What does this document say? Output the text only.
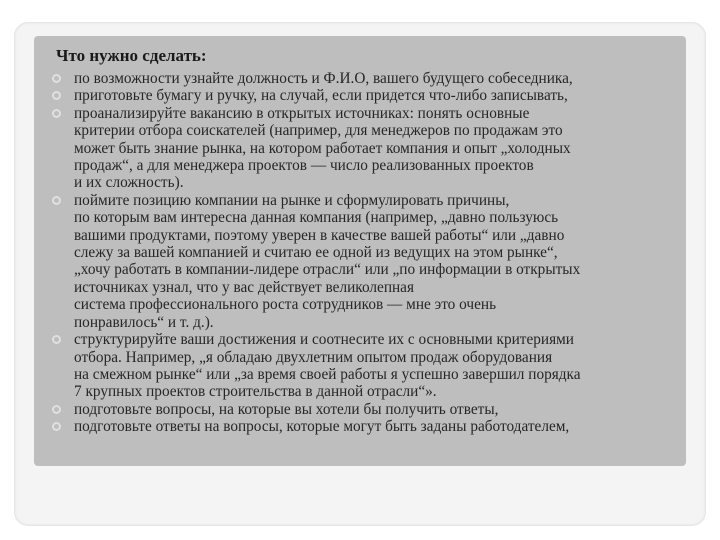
Что нужно сделать:
по возможности узнайте должность и Ф.И.О, вашего будущего собеседника,
приготовьте бумагу и ручку, на случай, если придется что-либо записывать,
проанализируйте вакансию в открытых источниках: понять основные
критерии отбора соискателей (например, для менеджеров по продажам это
может быть знание рынка, на котором работает компания и опыт „холодных
продаж“, а для менеджера проектов — число реализованных проектов
и их сложность).
поймите позицию компании на рынке и сформулировать причины,
по которым вам интересна данная компания (например, „давно пользуюсь
вашими продуктами, поэтому уверен в качестве вашей работы“ или „давно
слежу за вашей компанией и считаю ее одной из ведущих на этом рынке“,
„хочу работать в компании-лидере отрасли“ или „по информации в открытых
источниках узнал, что у вас действует великолепная
система профессионального роста сотрудников — мне это очень
понравилось“ и т. д.).
структурируйте ваши достижения и соотнесите их с основными критериями
отбора. Например, „я обладаю двухлетним опытом продаж оборудования
на смежном рынке“ или „за время своей работы я успешно завершил порядка
7 крупных проектов строительства в данной отрасли“».
подготовьте вопросы, на которые вы хотели бы получить ответы,
подготовьте ответы на вопросы, которые могут быть заданы работодателем,
